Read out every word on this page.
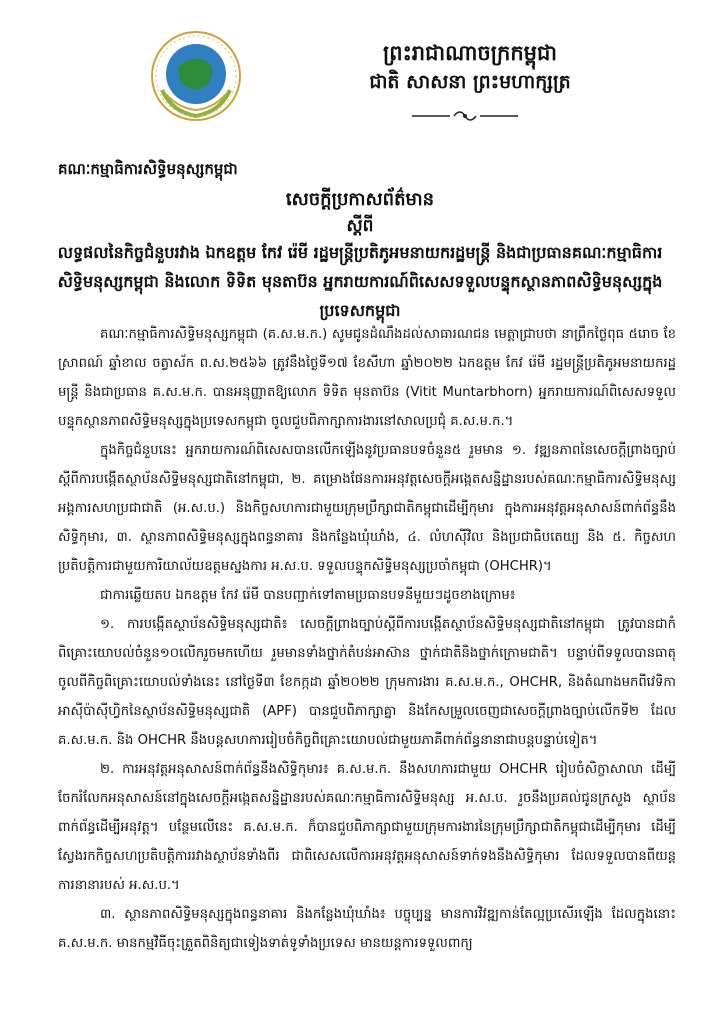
ព្រះរាជាណាចក្រកម្ពុជា
ជាតិ សាសនា ព្រះមហាក្សត្រ
គណៈកម្មាធិការសិទ្ធិមនុស្សកម្ពុជា
សេចក្ដីប្រកាសព័ត៌មាន
ស្ដីពី
លទ្ធផលនៃកិច្ចជំនួបរវាង ឯកឧត្តម កែវ រ៉េមី រដ្ឋមន្ត្រីប្រតិភូអមនាយករដ្ឋមន្ត្រី និងជាប្រធានគណៈកម្មាធិការសិទ្ធិមនុស្សកម្ពុជា និងលោក ទិទិត មុនតាប៊ន អ្នករាយការណ៍ពិសេសទទួលបន្ទុកស្ថានភាពសិទ្ធិមនុស្សក្នុងប្រទេសកម្ពុជា

គណៈកម្មាធិការសិទ្ធិមនុស្សកម្ពុជា (គ.ស.ម.ក.) សូមជូនដំណឹងដល់សាធារណជន មេត្តាជ្រាបថា នាព្រឹកថ្ងៃពុធ ៥រោច ខែស្រាពណ៍ ឆ្នាំខាល ចត្វាស័ក ព.ស.២៥៦៦ ត្រូវនឹងថ្ងៃទី១៧ ខែសីហា ឆ្នាំ២០២២ ឯកឧត្តម កែវ រ៉េមី រដ្ឋមន្ត្រីប្រតិភូអមនាយករដ្ឋមន្ត្រី និងជាប្រធាន គ.ស.ម.ក. បានអនុញ្ញាតឱ្យលោក ទិទិត មុនតាប៊ន (Vitit Muntarbhorn) អ្នករាយការណ៍ពិសេសទទួលបន្ទុកស្ថានភាពសិទ្ធិមនុស្សក្នុងប្រទេសកម្ពុជា ចូលជួបពិភាក្សាការងារនៅសាលប្រជុំ គ.ស.ម.ក.។

ក្នុងកិច្ចជំនួបនេះ អ្នករាយការណ៍ពិសេសបានលើកឡើងនូវប្រធានបទចំនួន៥ រួមមាន ១. វឌ្ឍនភាពនៃសេចក្ដីព្រាងច្បាប់ស្ដីពីការបង្កើតស្ថាប័នសិទ្ធិមនុស្សជាតិនៅកម្ពុជា, ២. គម្រោងផែនការអនុវត្តសេចក្ដីអង្កេតសន្និដ្ឋានរបស់គណៈកម្មាធិការសិទ្ធិមនុស្សអង្គការសហប្រជាជាតិ (អ.ស.ប.) និងកិច្ចសហការជាមួយក្រុមប្រឹក្សាជាតិកម្ពុជាដើម្បីកុមារ ក្នុងការអនុវត្តអនុសាសន៍ពាក់ព័ន្ធនឹងសិទ្ធិកុមារ, ៣. ស្ថានភាពសិទ្ធិមនុស្សក្នុងពន្ធនាគារ និងកន្លែងឃុំឃាំង, ៤. លំហស៊ីវិល និងប្រជាធិបតេយ្យ និង ៥. កិច្ចសហប្រតិបត្តិការជាមួយការិយាល័យឧត្តមស្នងការ អ.ស.ប. ទទួលបន្ទុកសិទ្ធិមនុស្សប្រចាំកម្ពុជា (OHCHR)។

ជាការឆ្លើយតប ឯកឧត្តម កែវ រ៉េមី បានបញ្ជាក់ទៅតាមប្រធានបទនីមួយៗដូចខាងក្រោម៖

១. ការបង្កើតស្ថាប័នសិទ្ធិមនុស្សជាតិ៖ សេចក្ដីព្រាងច្បាប់ស្ដីពីការបង្កើតស្ថាប័នសិទ្ធិមនុស្សជាតិនៅកម្ពុជា ត្រូវបានជាកំពិគ្រោះយោបល់ចំនួន១០លើករួចមកហើយ រួមមានទាំងថ្នាក់តំបន់អាស៊ាន ថ្នាក់ជាតិនិងថ្នាក់ក្រោមជាតិ។ បន្ទាប់ពីទទួលបានធាតុចូលពីកិច្ចពិគ្រោះយោបល់ទាំងនេះ នៅថ្ងៃទី៣ ខែកក្កដា ឆ្នាំ២០២២ ក្រុមការងារ គ.ស.ម.ក., OHCHR, និងតំណាងមកពីវេទិកាអាស៊ីប៉ាស៊ីហ្វិកនៃស្ថាប័នសិទ្ធិមនុស្សជាតិ (APF) បានជួបពិភាក្សាគ្នា និងកែសម្រួលចេញជាសេចក្ដីព្រាងច្បាប់លើកទី២ ដែល គ.ស.ម.ក. និង OHCHR នឹងបន្តសហការរៀបចំកិច្ចពិគ្រោះយោបល់ជាមួយភាគីពាក់ព័ន្ធនានាជាបន្តបន្ទាប់ទៀត។

២. ការអនុវត្តអនុសាសន៍ពាក់ព័ន្ធនឹងសិទ្ធិកុមារ៖ គ.ស.ម.ក. នឹងសហការជាមួយ OHCHR រៀបចំសិក្ខាសាលា ដើម្បីចែករំលែកអនុសាសន៍នៅក្នុងសេចក្ដីអង្កេតសន្និដ្ឋានរបស់គណៈកម្មាធិការសិទ្ធិមនុស្ស អ.ស.ប. រួចនឹងប្រគល់ជូនក្រសួង ស្ថាប័ន ពាក់ព័ន្ធដើម្បីអនុវត្ត។ បន្ថែមលើនេះ គ.ស.ម.ក. ក៏បានជួបពិភាក្សាជាមួយក្រុមការងារនៃក្រុមប្រឹក្សាជាតិកម្ពុជាដើម្បីកុមារ ដើម្បីស្វែងរកកិច្ចសហប្រតិបត្តិការរវាងស្ថាប័នទាំងពីរ ជាពិសេសលើការអនុវត្តអនុសាសន៍ទាក់ទងនឹងសិទ្ធិកុមារ ដែលទទួលបានពីយន្តការនានារបស់ អ.ស.ប.។

៣. ស្ថានភាពសិទ្ធិមនុស្សក្នុងពន្ធនាគារ និងកន្លែងឃុំឃាំង៖ បច្ចុប្បន្ន មានការវិវឌ្ឍកាន់តែល្អប្រសើរឡើង ដែលក្នុងនោះ គ.ស.ម.ក. មានកម្មវិធីចុះត្រួតពិនិត្យជាទៀងទាត់ទូទាំងប្រទេស មានយន្តការទទួលពាក្យ
